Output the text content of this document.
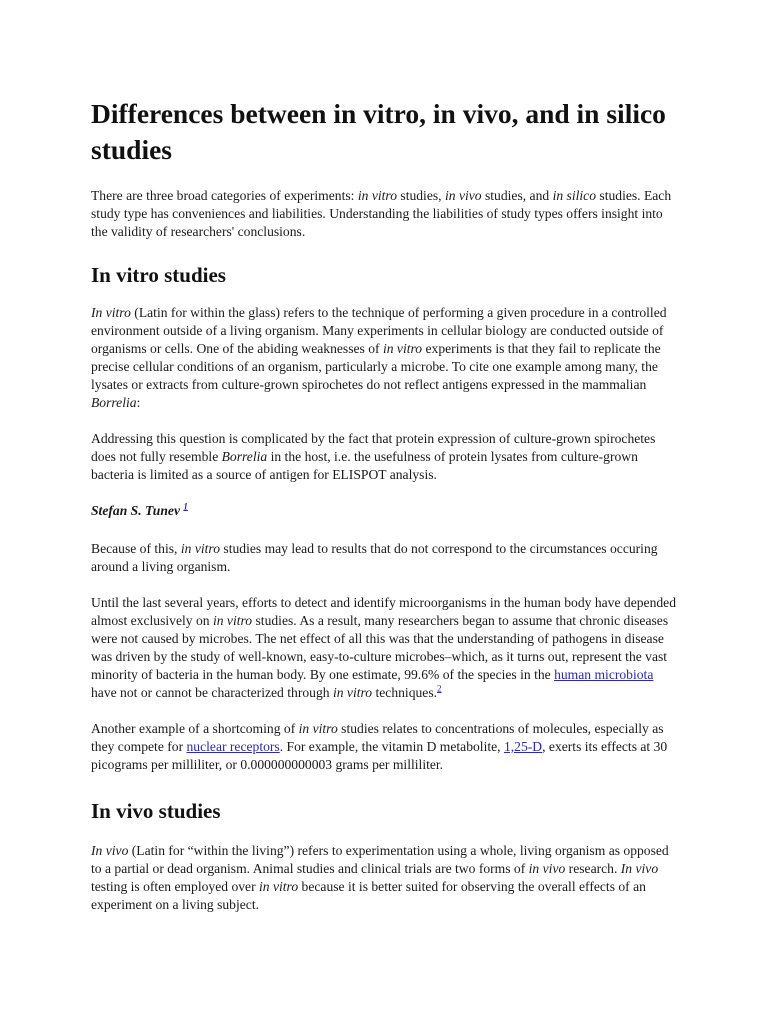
Differences between in vitro, in vivo, and in silico studies

There are three broad categories of experiments: in vitro studies, in vivo studies, and in silico studies. Each study type has conveniences and liabilities. Understanding the liabilities of study types offers insight into the validity of researchers' conclusions.

In vitro studies

In vitro (Latin for within the glass) refers to the technique of performing a given procedure in a controlled environment outside of a living organism. Many experiments in cellular biology are conducted outside of organisms or cells. One of the abiding weaknesses of in vitro experiments is that they fail to replicate the precise cellular conditions of an organism, particularly a microbe. To cite one example among many, the lysates or extracts from culture-grown spirochetes do not reflect antigens expressed in the mammalian Borrelia:

Addressing this question is complicated by the fact that protein expression of culture-grown spirochetes does not fully resemble Borrelia in the host, i.e. the usefulness of protein lysates from culture-grown bacteria is limited as a source of antigen for ELISPOT analysis.

Stefan S. Tunev $^1$

Because of this, in vitro studies may lead to results that do not correspond to the circumstances occuring around a living organism.

Until the last several years, efforts to detect and identify microorganisms in the human body have depended almost exclusively on in vitro studies. As a result, many researchers began to assume that chronic diseases were not caused by microbes. The net effect of all this was that the understanding of pathogens in disease was driven by the study of well-known, easy-to-culture microbes–which, as it turns out, represent the vast minority of bacteria in the human body. By one estimate, 99.6% of the species in the human microbiota have not or cannot be characterized through in vitro techniques.$^2$

Another example of a shortcoming of in vitro studies relates to concentrations of molecules, especially as they compete for nuclear receptors. For example, the vitamin D metabolite, 1,25-D, exerts its effects at 30 picograms per milliliter, or 0.000000000003 grams per milliliter.

In vivo studies

In vivo (Latin for “within the living”) refers to experimentation using a whole, living organism as opposed to a partial or dead organism. Animal studies and clinical trials are two forms of in vivo research. In vivo testing is often employed over in vitro because it is better suited for observing the overall effects of an experiment on a living subject.
